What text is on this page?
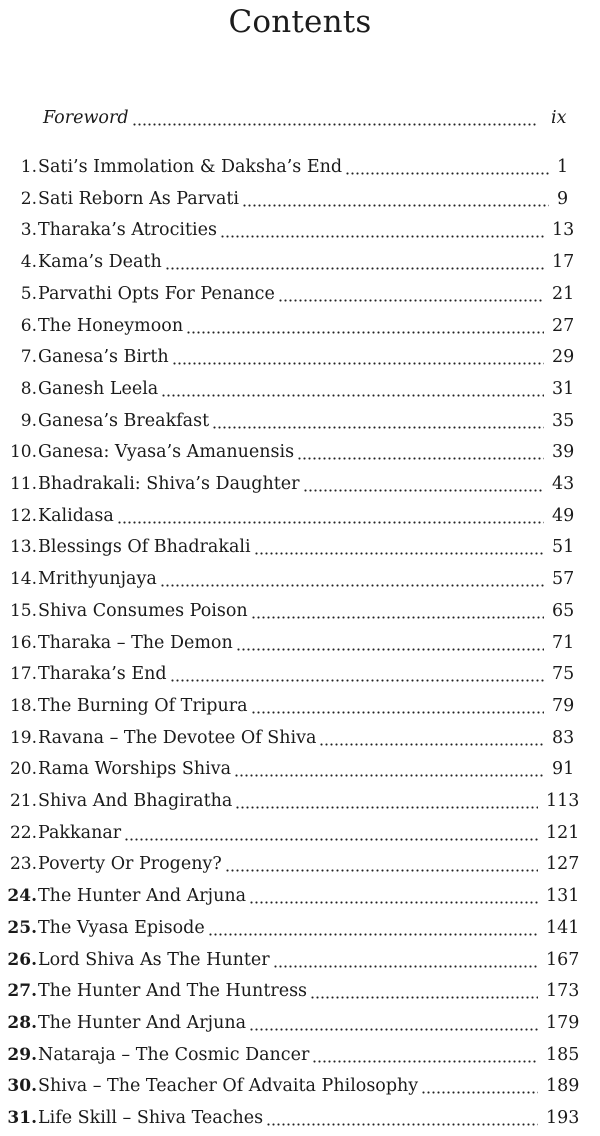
Contents
Foreword	ix
1. Sati’s Immolation & Daksha’s End	1
2. Sati Reborn As Parvati	9
3. Tharaka’s Atrocities	13
4. Kama’s Death	17
5. Parvathi Opts For Penance	21
6. The Honeymoon	27
7. Ganesa’s Birth	29
8. Ganesh Leela	31
9. Ganesa’s Breakfast	35
10. Ganesa: Vyasa’s Amanuensis	39
11. Bhadrakali: Shiva’s Daughter	43
12. Kalidasa	49
13. Blessings Of Bhadrakali	51
14. Mrithyunjaya	57
15. Shiva Consumes Poison	65
16. Tharaka – The Demon	71
17. Tharaka’s End	75
18. The Burning Of Tripura	79
19. Ravana – The Devotee Of Shiva	83
20. Rama Worships Shiva	91
21. Shiva And Bhagiratha	113
22. Pakkanar	121
23. Poverty Or Progeny?	127
24. The Hunter And Arjuna	131
25. The Vyasa Episode	141
26. Lord Shiva As The Hunter	167
27. The Hunter And The Huntress	173
28. The Hunter And Arjuna	179
29. Nataraja – The Cosmic Dancer	185
30. Shiva – The Teacher Of Advaita Philosophy	189
31. Life Skill – Shiva Teaches	193
